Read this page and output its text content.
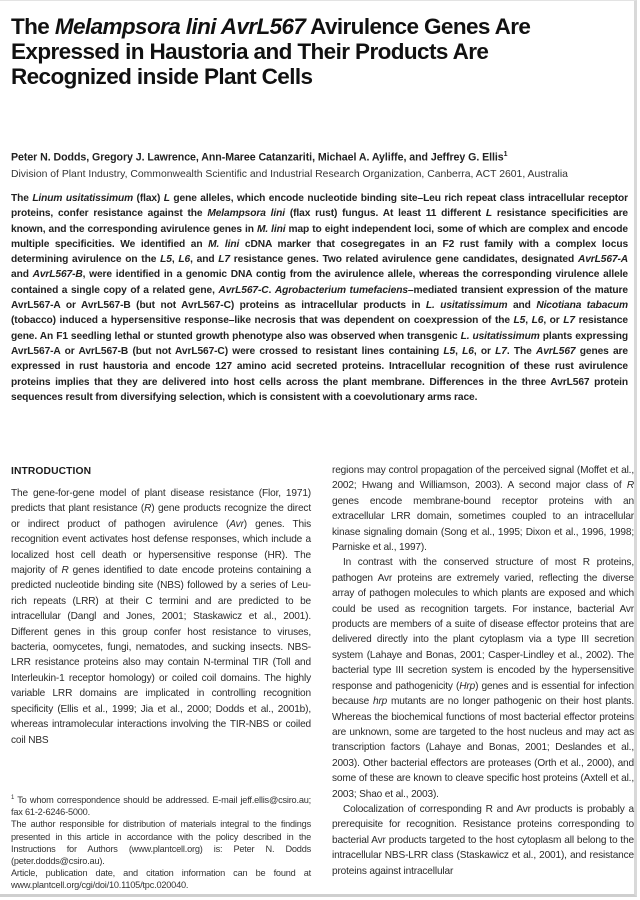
The Melampsora lini AvrL567 Avirulence Genes Are
Expressed in Haustoria and Their Products Are
Recognized inside Plant Cells

Peter N. Dodds, Gregory J. Lawrence, Ann-Maree Catanzariti, Michael A. Ayliffe, and Jeffrey G. Ellis$^1$

Division of Plant Industry, Commonwealth Scientific and Industrial Research Organization, Canberra, ACT 2601, Australia

The Linum usitatissimum (flax) L gene alleles, which encode nucleotide binding site–Leu rich repeat class intracellular receptor proteins, confer resistance against the Melampsora lini (flax rust) fungus. At least 11 different L resistance specificities are known, and the corresponding avirulence genes in M. lini map to eight independent loci, some of which are complex and encode multiple specificities. We identified an M. lini cDNA marker that cosegregates in an F2 rust family with a complex locus determining avirulence on the L5, L6, and L7 resistance genes. Two related avirulence gene candidates, designated AvrL567-A and AvrL567-B, were identified in a genomic DNA contig from the avirulence allele, whereas the corresponding virulence allele contained a single copy of a related gene, AvrL567-C. Agrobacterium tumefaciens–mediated transient expression of the mature AvrL567-A or AvrL567-B (but not AvrL567-C) proteins as intracellular products in L. usitatissimum and Nicotiana tabacum (tobacco) induced a hypersensitive response–like necrosis that was dependent on coexpression of the L5, L6, or L7 resistance gene. An F1 seedling lethal or stunted growth phenotype also was observed when transgenic L. usitatissimum plants expressing AvrL567-A or AvrL567-B (but not AvrL567-C) were crossed to resistant lines containing L5, L6, or L7. The AvrL567 genes are expressed in rust haustoria and encode 127 amino acid secreted proteins. Intracellular recognition of these rust avirulence proteins implies that they are delivered into host cells across the plant membrane. Differences in the three AvrL567 protein sequences result from diversifying selection, which is consistent with a coevolutionary arms race.

INTRODUCTION

The gene-for-gene model of plant disease resistance (Flor, 1971) predicts that plant resistance (R) gene products recognize the direct or indirect product of pathogen avirulence (Avr) genes. This recognition event activates host defense responses, which include a localized host cell death or hypersensitive response (HR). The majority of R genes identified to date encode proteins containing a predicted nucleotide binding site (NBS) followed by a series of Leu-rich repeats (LRR) at their C termini and are predicted to be intracellular (Dangl and Jones, 2001; Staskawicz et al., 2001). Different genes in this group confer host resistance to viruses, bacteria, oomycetes, fungi, nematodes, and sucking insects. NBS-LRR resistance proteins also may contain N-terminal TIR (Toll and Interleukin-1 receptor homology) or coiled coil domains. The highly variable LRR domains are implicated in controlling recognition specificity (Ellis et al., 1999; Jia et al., 2000; Dodds et al., 2001b), whereas intramolecular interactions involving the TIR-NBS or coiled coil NBS

regions may control propagation of the perceived signal (Moffet et al., 2002; Hwang and Williamson, 2003). A second major class of R genes encode membrane-bound receptor proteins with an extracellular LRR domain, sometimes coupled to an intracellular kinase signaling domain (Song et al., 1995; Dixon et al., 1996, 1998; Parniske et al., 1997).

In contrast with the conserved structure of most R proteins, pathogen Avr proteins are extremely varied, reflecting the diverse array of pathogen molecules to which plants are exposed and which could be used as recognition targets. For instance, bacterial Avr products are members of a suite of disease effector proteins that are delivered directly into the plant cytoplasm via a type III secretion system (Lahaye and Bonas, 2001; Casper-Lindley et al., 2002). The bacterial type III secretion system is encoded by the hypersensitive response and pathogenicity (Hrp) genes and is essential for infection because hrp mutants are no longer pathogenic on their host plants. Whereas the biochemical functions of most bacterial effector proteins are unknown, some are targeted to the host nucleus and may act as transcription factors (Lahaye and Bonas, 2001; Deslandes et al., 2003). Other bacterial effectors are proteases (Orth et al., 2000), and some of these are known to cleave specific host proteins (Axtell et al., 2003; Shao et al., 2003).

Colocalization of corresponding R and Avr products is probably a prerequisite for recognition. Resistance proteins corresponding to bacterial Avr products targeted to the host cytoplasm all belong to the intracellular NBS-LRR class (Staskawicz et al., 2001), and resistance proteins against intracellular

$^1$ To whom correspondence should be addressed. E-mail jeff.ellis@csiro.au; fax 61-2-6246-5000.

The author responsible for distribution of materials integral to the findings presented in this article in accordance with the policy described in the Instructions for Authors (www.plantcell.org) is: Peter N. Dodds (peter.dodds@csiro.au).

Article, publication date, and citation information can be found at www.plantcell.org/cgi/doi/10.1105/tpc.020040.
